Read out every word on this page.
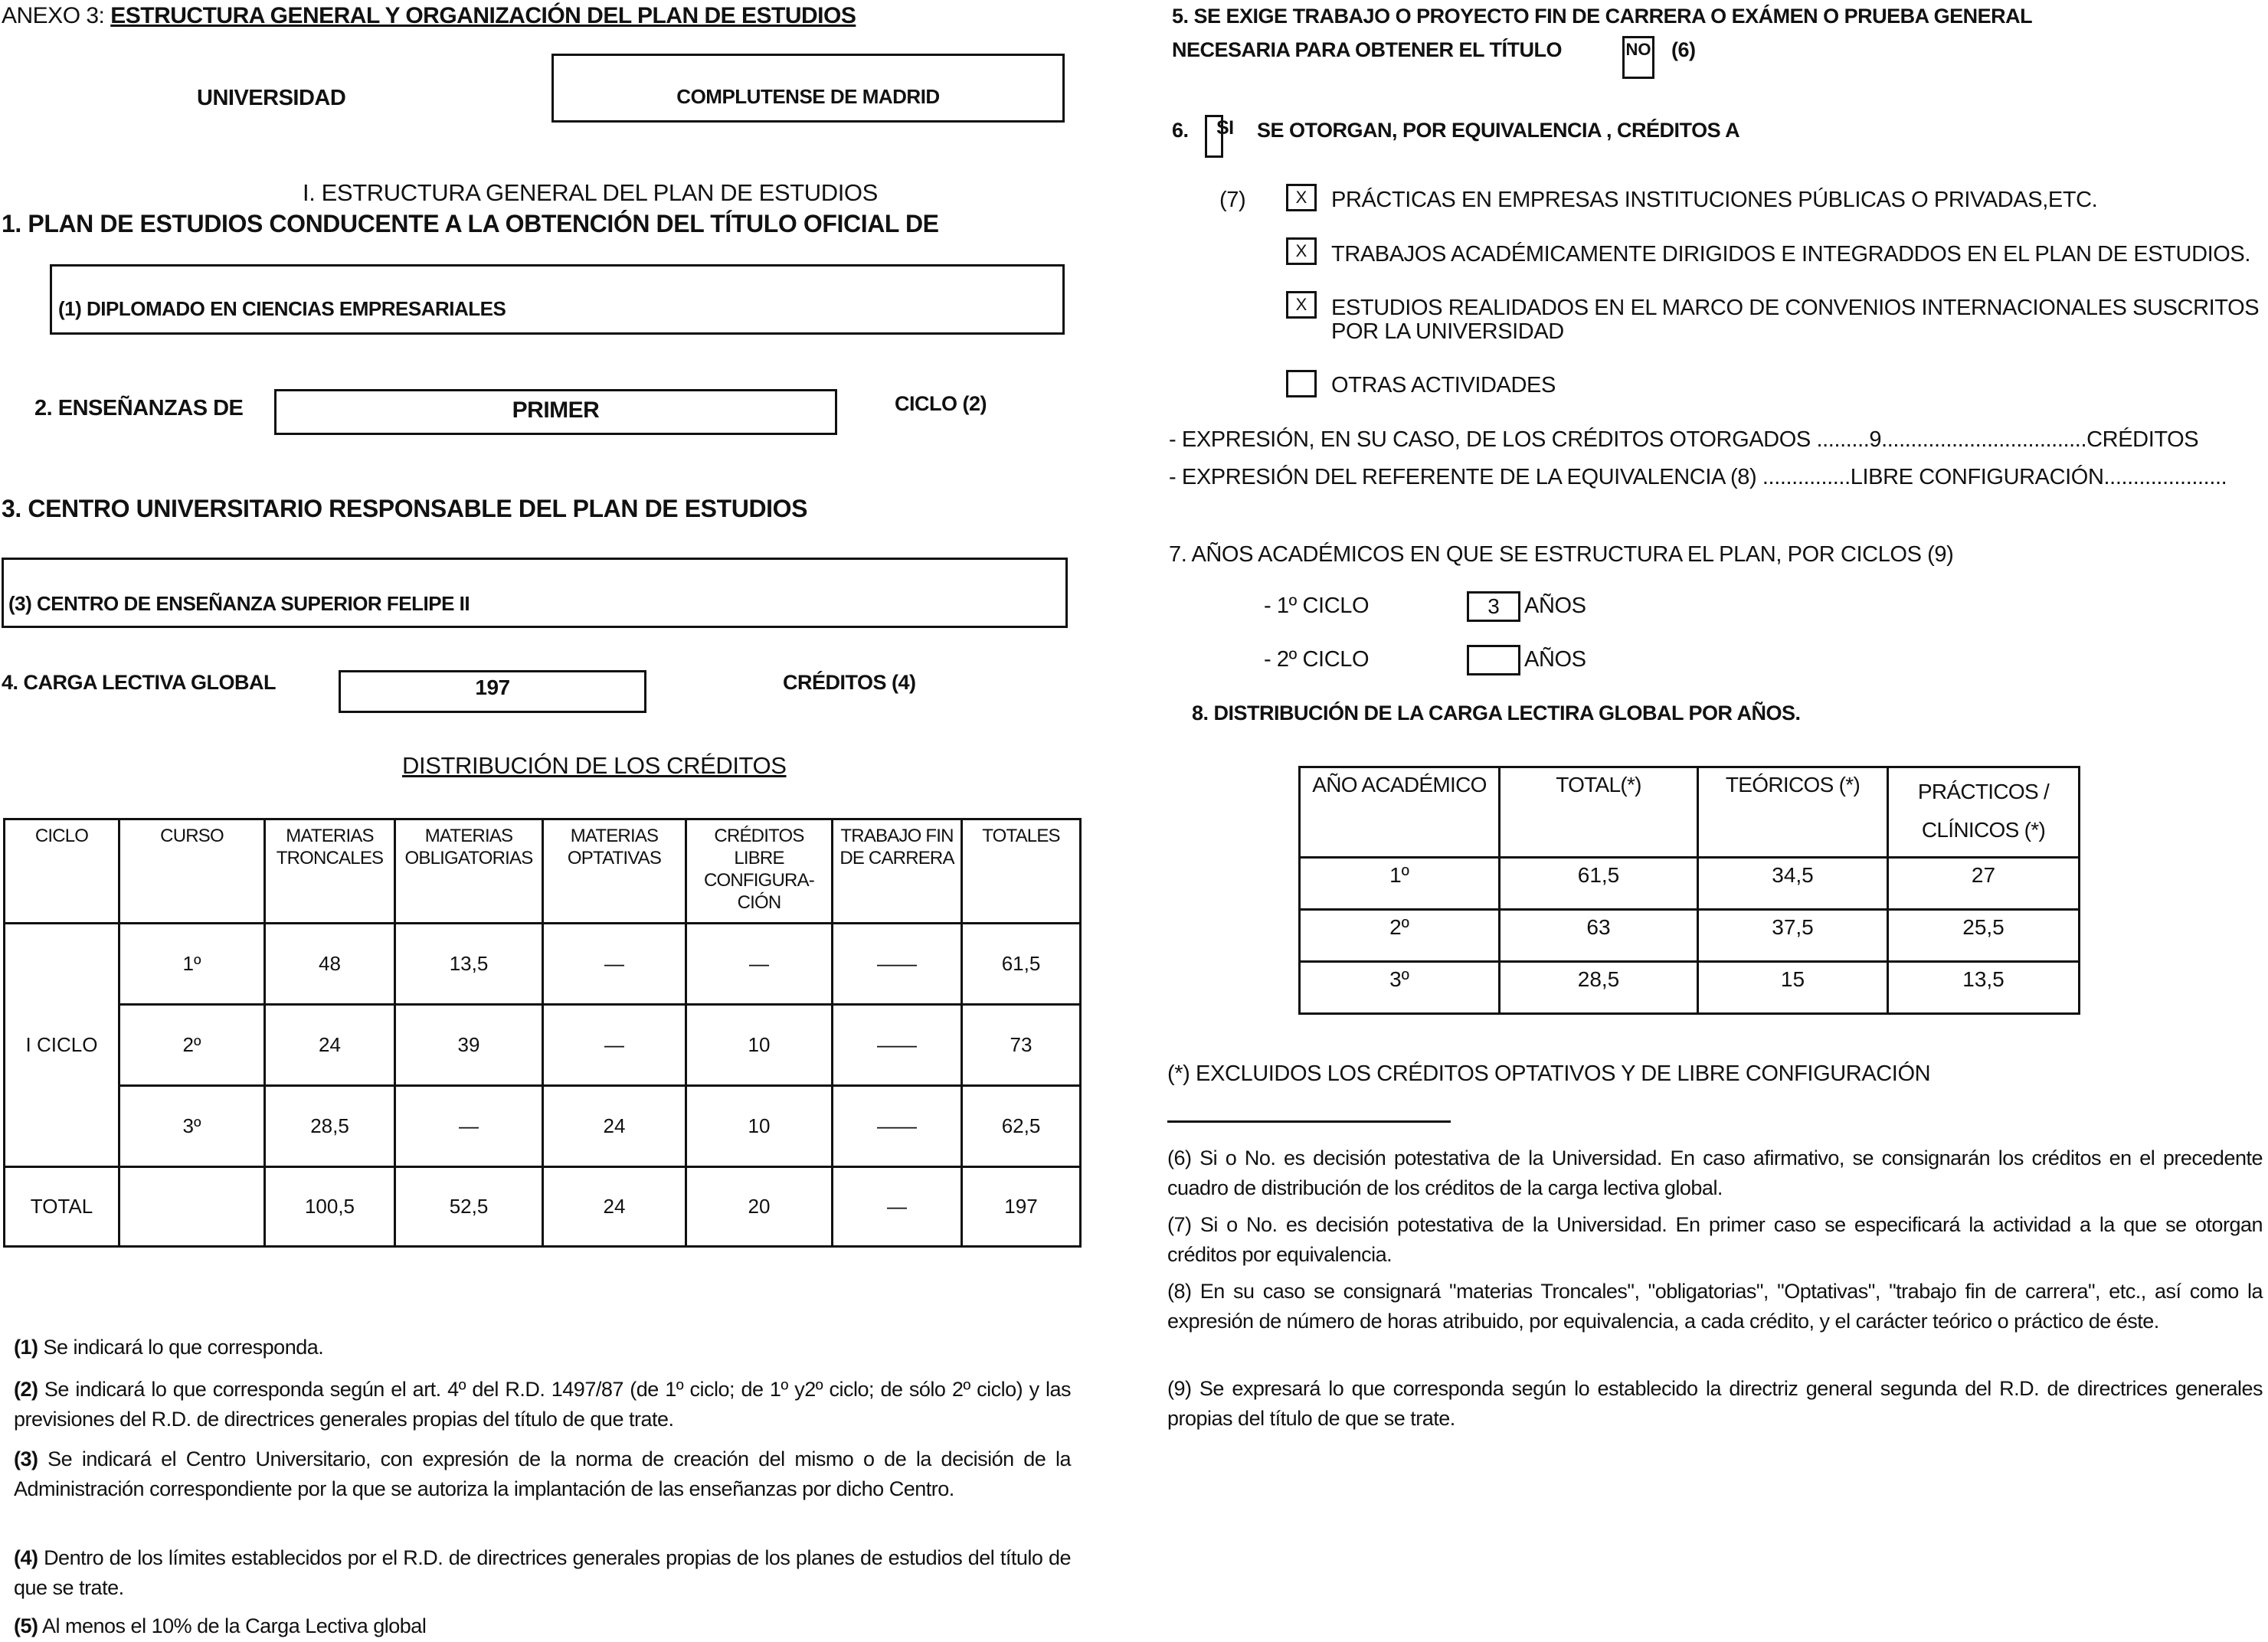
ANEXO 3: ESTRUCTURA GENERAL Y ORGANIZACIÓN DEL PLAN DE ESTUDIOS
UNIVERSIDAD	COMPLUTENSE DE MADRID
I. ESTRUCTURA GENERAL DEL PLAN DE ESTUDIOS
1. PLAN DE ESTUDIOS CONDUCENTE A LA OBTENCIÓN DEL TÍTULO OFICIAL DE
(1) DIPLOMADO EN CIENCIAS EMPRESARIALES
2. ENSEÑANZAS DE	PRIMER	CICLO (2)
3. CENTRO UNIVERSITARIO RESPONSABLE DEL PLAN DE ESTUDIOS
(3) CENTRO DE ENSEÑANZA SUPERIOR FELIPE II
4. CARGA LECTIVA GLOBAL	197	CRÉDITOS (4)
DISTRIBUCIÓN DE LOS CRÉDITOS
CICLO	CURSO	MATERIAS TRONCALES	MATERIAS OBLIGATORIAS	MATERIAS OPTATIVAS	CRÉDITOS LIBRE CONFIGURA-CIÓN	TRABAJO FIN DE CARRERA	TOTALES
I CICLO	1º	48	13,5	—	—	——	61,5
	2º	24	39	—	10	——	73
	3º	28,5	—	24	10	——	62,5
TOTAL		100,5	52,5	24	20	—	197
(1) Se indicará lo que corresponda.
(2) Se indicará lo que corresponda según el art. 4º del R.D. 1497/87 (de 1º ciclo; de 1º y2º ciclo; de sólo 2º ciclo) y las previsiones del R.D. de directrices generales propias del título de que trate.
(3) Se indicará el Centro Universitario, con expresión de la norma de creación del mismo o de la decisión de la Administración correspondiente por la que se autoriza la implantación de las enseñanzas por dicho Centro.
(4) Dentro de los límites establecidos por el R.D. de directrices generales propias de los planes de estudios del título de que se trate.
(5) Al menos el 10% de la Carga Lectiva global
5. SE EXIGE TRABAJO O PROYECTO FIN DE CARRERA O EXÁMEN O PRUEBA GENERAL
NECESARIA PARA OBTENER EL TÍTULO	NO (6)
6. SI SE OTORGAN, POR EQUIVALENCIA , CRÉDITOS A
(7)	X	PRÁCTICAS EN EMPRESAS INSTITUCIONES PÚBLICAS O PRIVADAS,ETC.
X	TRABAJOS ACADÉMICAMENTE DIRIGIDOS E INTEGRADDOS EN EL PLAN DE ESTUDIOS.
X	ESTUDIOS REALIDADOS EN EL MARCO DE CONVENIOS INTERNACIONALES SUSCRITOS
POR LA UNIVERSIDAD
OTRAS ACTIVIDADES
- EXPRESIÓN, EN SU CASO, DE LOS CRÉDITOS OTORGADOS .........9...................................CRÉDITOS
- EXPRESIÓN DEL REFERENTE DE LA EQUIVALENCIA (8) ...............LIBRE CONFIGURACIÓN.....................
7. AÑOS ACADÉMICOS EN QUE SE ESTRUCTURA EL PLAN, POR CICLOS (9)
- 1º CICLO	3	AÑOS
- 2º CICLO	AÑOS
8. DISTRIBUCIÓN DE LA CARGA LECTIRA GLOBAL POR AÑOS.
AÑO ACADÉMICO	TOTAL(*)	TEÓRICOS (*)	PRÁCTICOS / CLÍNICOS (*)
1º	61,5	34,5	27
2º	63	37,5	25,5
3º	28,5	15	13,5
(*) EXCLUIDOS LOS CRÉDITOS OPTATIVOS Y DE LIBRE CONFIGURACIÓN
(6) Si o No. es decisión potestativa de la Universidad. En caso afirmativo, se consignarán los créditos en el precedente cuadro de distribución de los créditos de la carga lectiva global.
(7) Si o No. es decisión potestativa de la Universidad. En primer caso se especificará la actividad a la que se otorgan créditos por equivalencia.
(8) En su caso se consignará "materias Troncales", "obligatorias", "Optativas", "trabajo fin de carrera", etc., así como la expresión de número de horas atribuido, por equivalencia, a cada crédito, y el carácter teórico o práctico de éste.
(9) Se expresará lo que corresponda según lo establecido la directriz general segunda del R.D. de directrices generales propias del título de que se trate.
